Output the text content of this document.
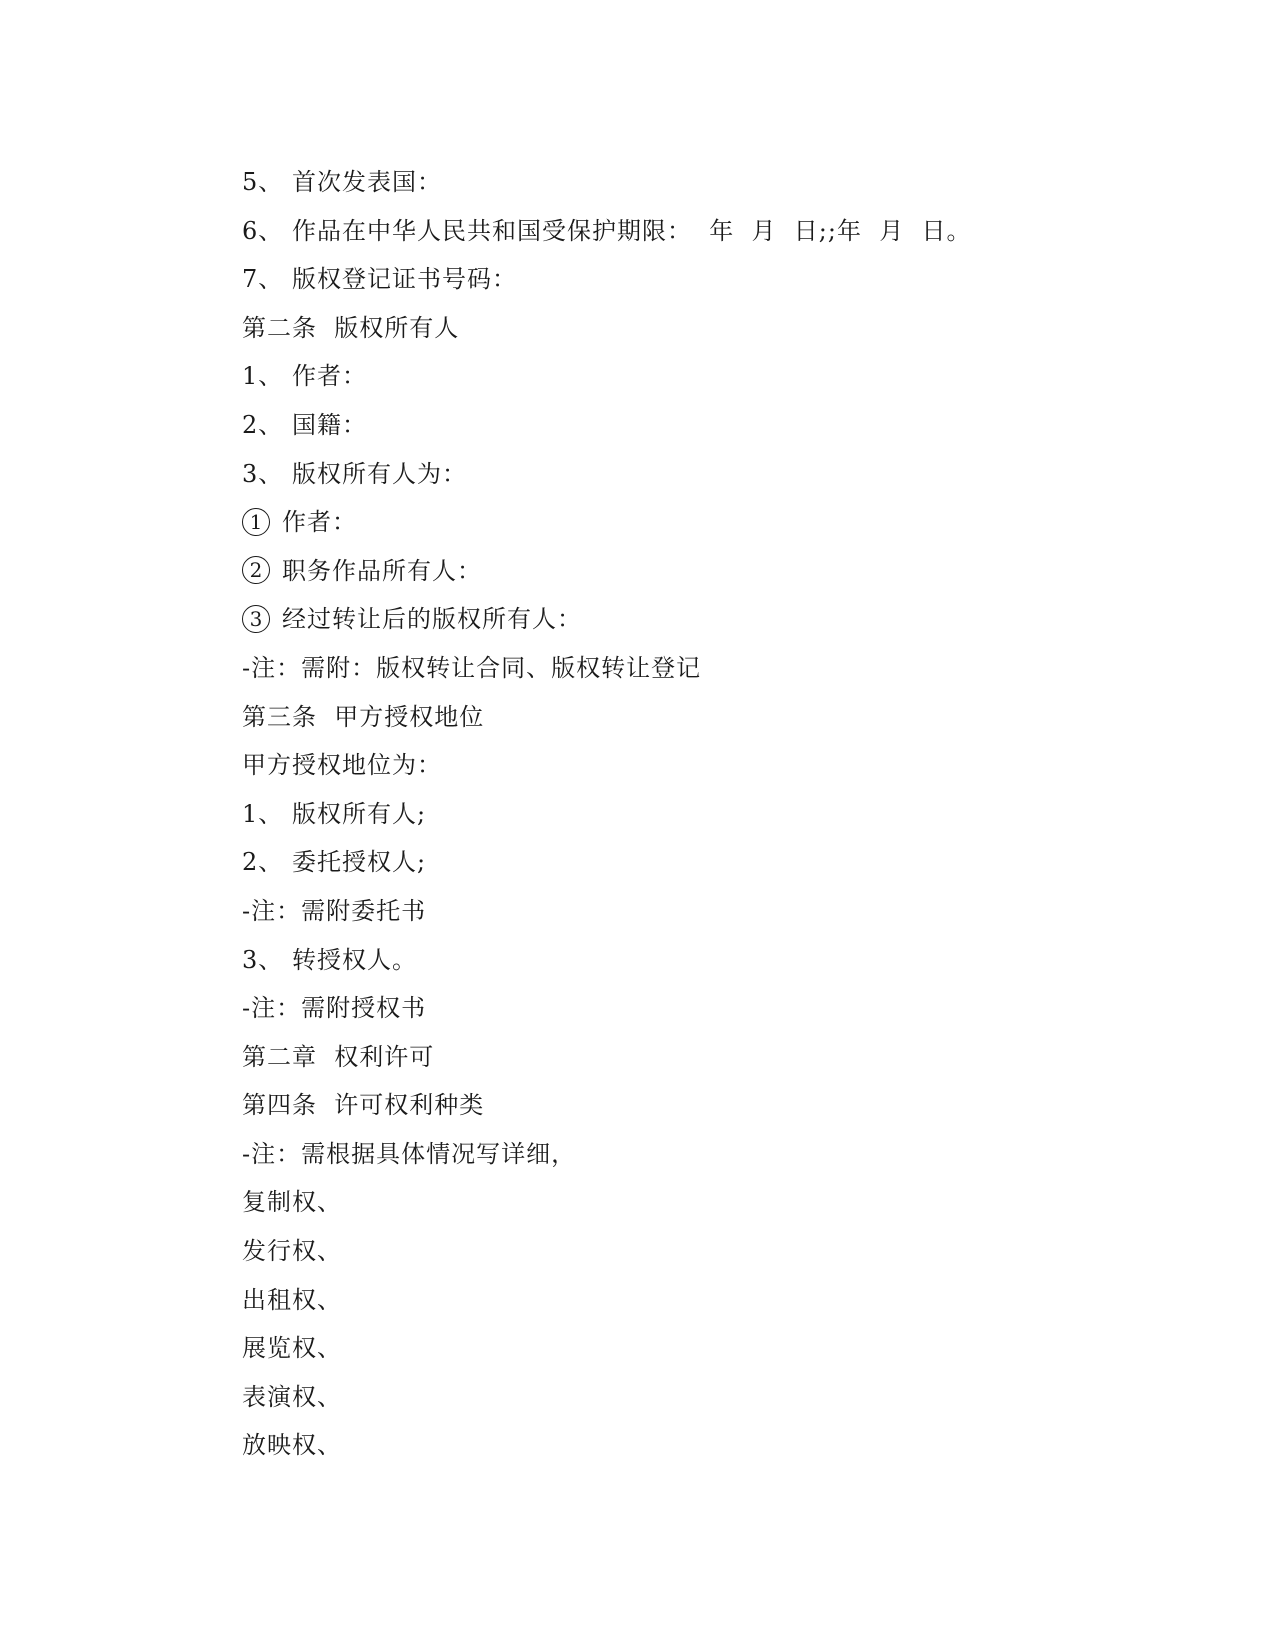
5、 首次发表国：
6、 作品在中华人民共和国受保护期限：  年  月  日;;年  月  日。
7、 版权登记证书号码：
第二条  版权所有人
1、 作者：
2、 国籍：
3、 版权所有人为：
1 作者：
2 职务作品所有人：
3 经过转让后的版权所有人：
-注：需附：版权转让合同、版权转让登记
第三条  甲方授权地位
甲方授权地位为：
1、 版权所有人;
2、 委托授权人;
-注：需附委托书
3、 转授权人。
-注：需附授权书
第二章  权利许可
第四条  许可权利种类
-注：需根据具体情况写详细，
复制权、
发行权、
出租权、
展览权、
表演权、
放映权、
